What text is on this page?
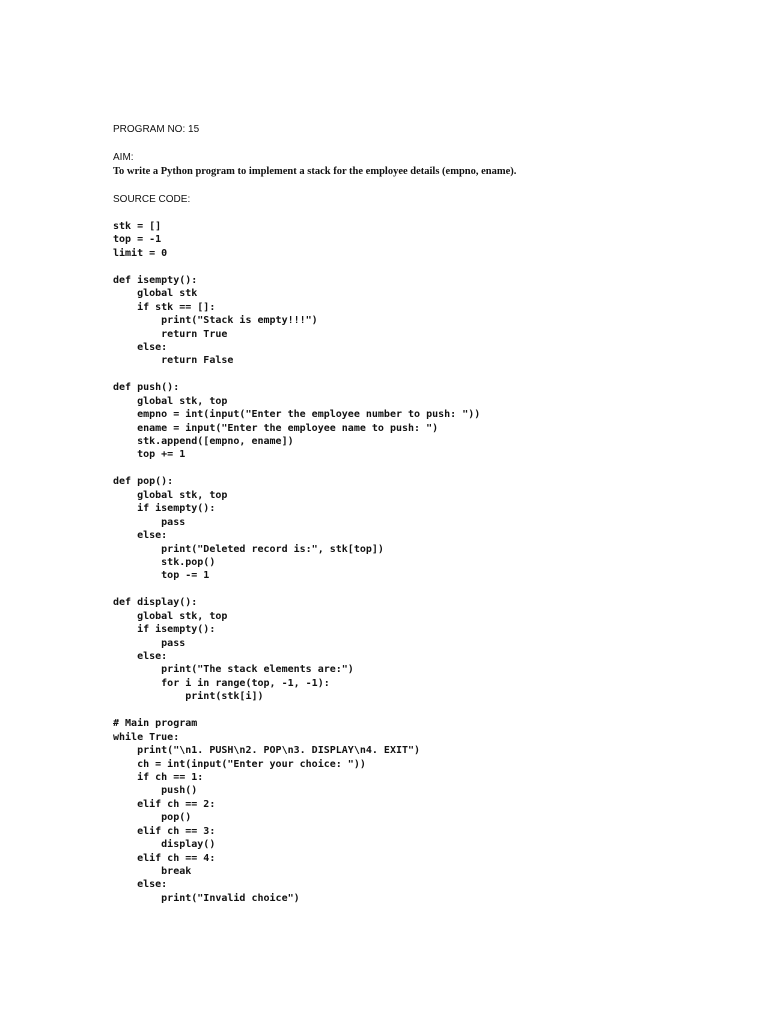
PROGRAM NO: 15

AIM:

To write a Python program to implement a stack for the employee details (empno, ename).

SOURCE CODE:

stk = []
top = -1
limit = 0
def isempty():
global stk
if stk == []:
print("Stack is empty!!!")
return True
else:
return False
def push():
global stk, top
empno = int(input("Enter the employee number to push: "))
ename = input("Enter the employee name to push: ")
stk.append([empno, ename])
top += 1
def pop():
global stk, top
if isempty():
pass
else:
print("Deleted record is:", stk[top])
stk.pop()
top -= 1
def display():
global stk, top
if isempty():
pass
else:
print("The stack elements are:")
for i in range(top, -1, -1):
print(stk[i])
# Main program
while True:
print("\n1. PUSH\n2. POP\n3. DISPLAY\n4. EXIT")
ch = int(input("Enter your choice: "))
if ch == 1:
push()
elif ch == 2:
pop()
elif ch == 3:
display()
elif ch == 4:
break
else:
print("Invalid choice")
